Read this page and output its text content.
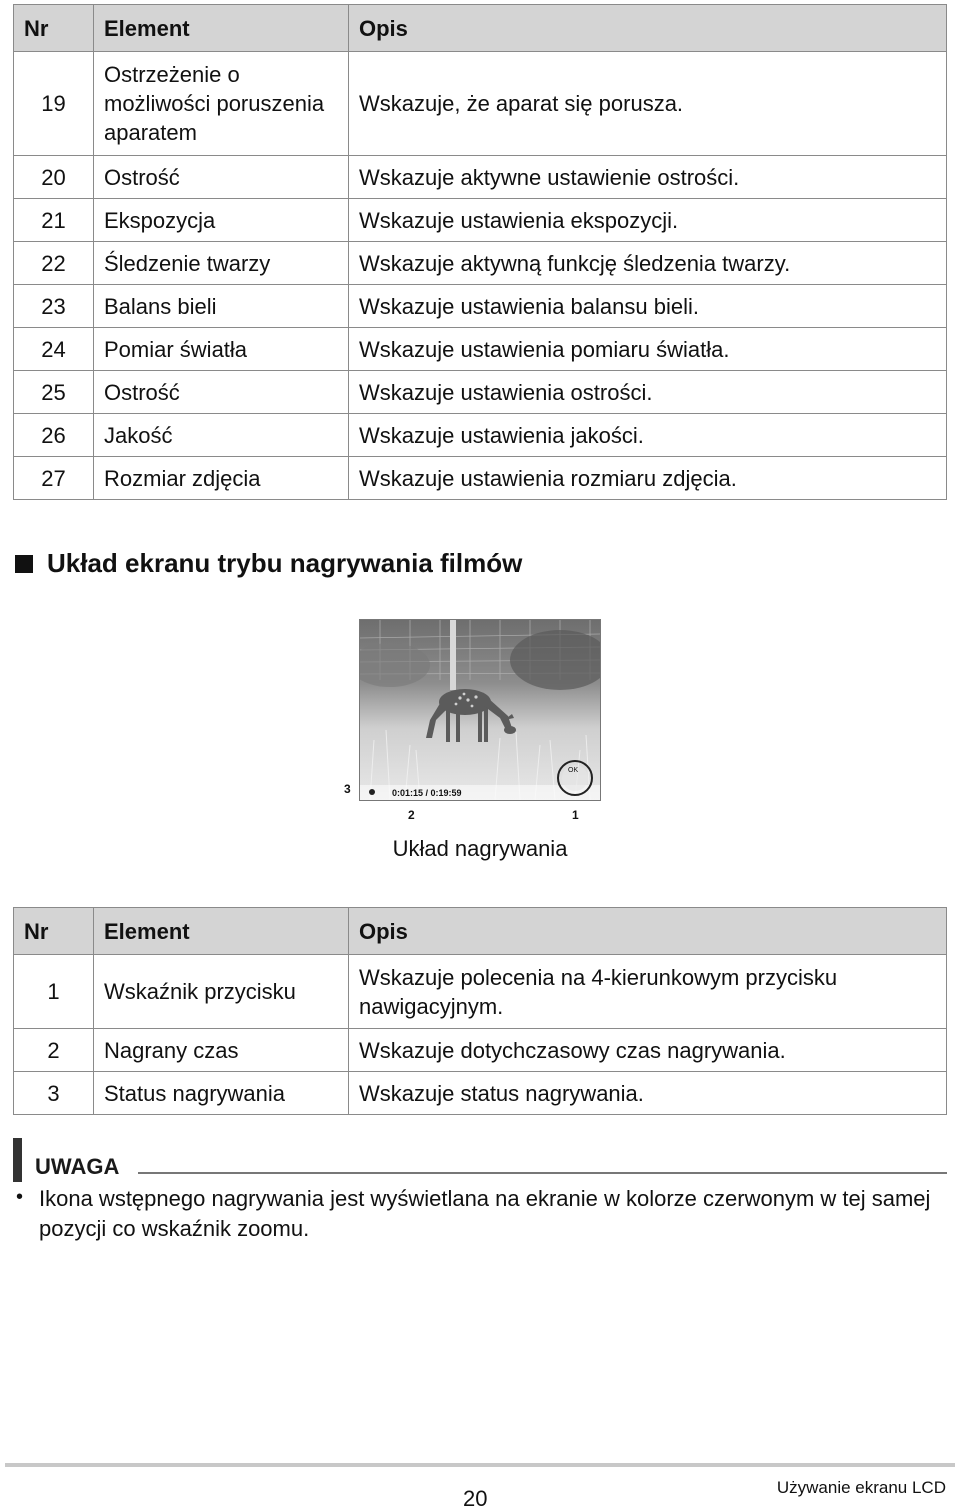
Nr	Element	Opis
19	Ostrzeżenie o możliwości poruszenia aparatem	Wskazuje, że aparat się porusza.
20	Ostrość	Wskazuje aktywne ustawienie ostrości.
21	Ekspozycja	Wskazuje ustawienia ekspozycji.
22	Śledzenie twarzy	Wskazuje aktywną funkcję śledzenia twarzy.
23	Balans bieli	Wskazuje ustawienia balansu bieli.
24	Pomiar światła	Wskazuje ustawienia pomiaru światła.
25	Ostrość	Wskazuje ustawienia ostrości.
26	Jakość	Wskazuje ustawienia jakości.
27	Rozmiar zdjęcia	Wskazuje ustawienia rozmiaru zdjęcia.
Układ ekranu trybu nagrywania filmów
0:01:15 / 0:19:59
OK
3
2	1
Układ nagrywania
Nr	Element	Opis
1	Wskaźnik przycisku	Wskazuje polecenia na 4-kierunkowym przycisku nawigacyjnym.
2	Nagrany czas	Wskazuje dotychczasowy czas nagrywania.
3	Status nagrywania	Wskazuje status nagrywania.
UWAGA
• Ikona wstępnego nagrywania jest wyświetlana na ekranie w kolorze czerwonym w tej samej pozycji co wskaźnik zoomu.
20	Używanie ekranu LCD
